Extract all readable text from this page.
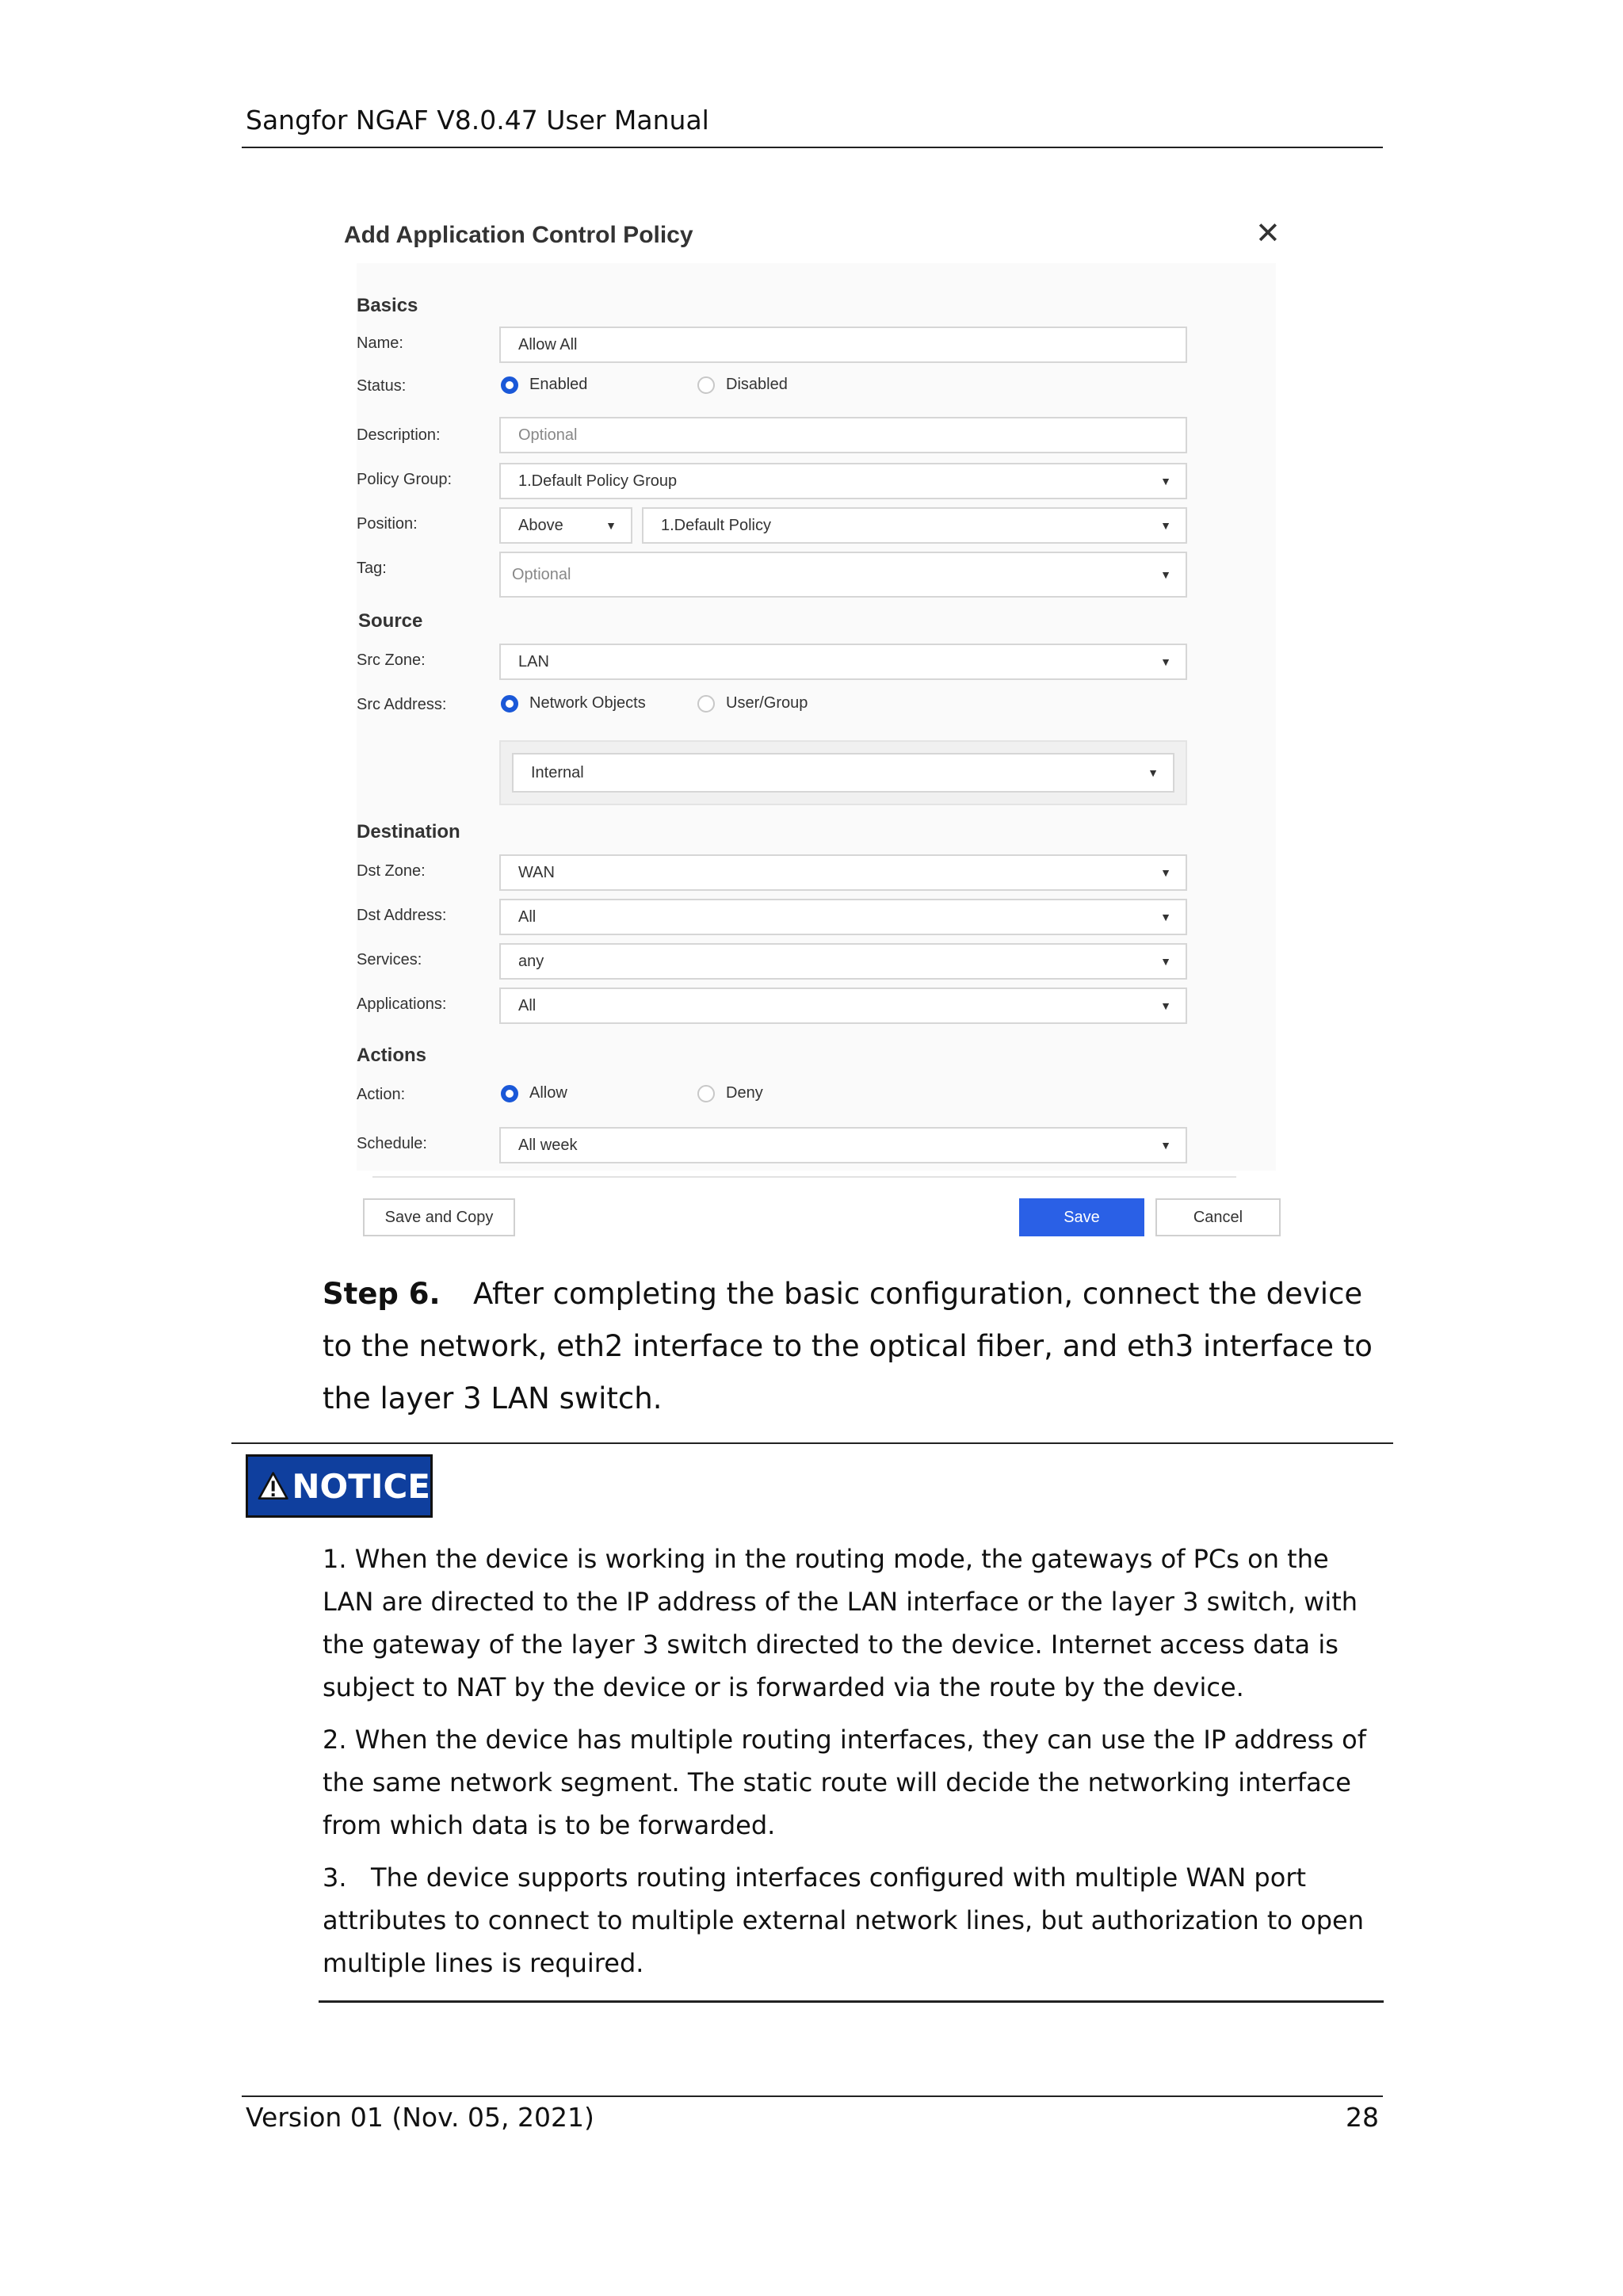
Sangfor NGAF V8.0.47 User Manual
Add Application Control Policy	✕
Basics
Name:	Allow All
Status:	Enabled	Disabled
Description:	Optional
Policy Group:	1.Default Policy Group	▼
Position:	Above	▼	1.Default Policy	▼
Tag:	Optional	▼
Source
Src Zone:	LAN	▼
Src Address:	Network Objects	User/Group
Internal	▼
Destination
Dst Zone:	WAN	▼
Dst Address:	All	▼
Services:	any	▼
Applications:	All	▼
Actions
Action:	Allow	Deny
Schedule:	All week	▼
Save and Copy	Save	Cancel
Step 6. After completing the basic configuration, connect the device to the network, eth2 interface to the optical fiber, and eth3 interface to the layer 3 LAN switch.
NOTICE

1. When the device is working in the routing mode, the gateways of PCs on the LAN are directed to the IP address of the LAN interface or the layer 3 switch, with the gateway of the layer 3 switch directed to the device. Internet access data is subject to NAT by the device or is forwarded via the route by the device.

2. When the device has multiple routing interfaces, they can use the IP address of the same network segment. The static route will decide the networking interface from which data is to be forwarded.

3.   The device supports routing interfaces configured with multiple WAN port attributes to connect to multiple external network lines, but authorization to open multiple lines is required.

Version 01 (Nov. 05, 2021)	28
